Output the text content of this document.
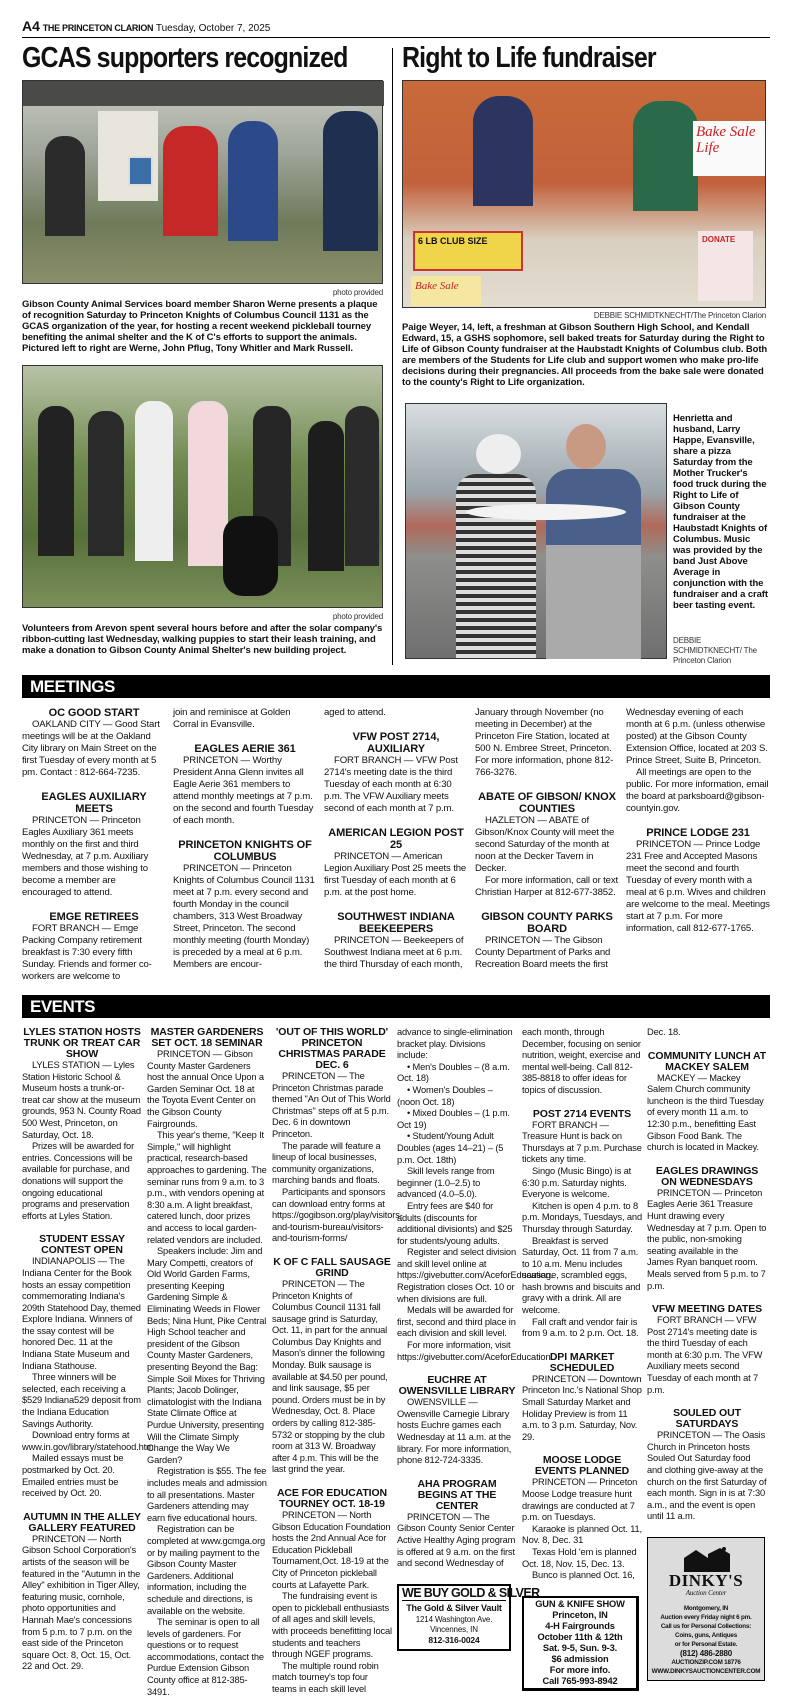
A4 THE PRINCETON CLARION Tuesday, October 7, 2025
GCAS supporters recognized
photo provided
Gibson County Animal Services board member Sharon Werne presents a plaque of recognition Saturday to Princeton Knights of Columbus Council 1131 as the GCAS organization of the year, for hosting a recent weekend pickleball tourney benefiting the animal shelter and the K of C's efforts to support the animals. Pictured left to right are Werne, John Pflug, Tony Whitler and Mark Russell.
photo provided
Volunteers from Arevon spent several hours before and after the solar company's ribbon-cutting last Wednesday, walking puppies to start their leash training, and make a donation to Gibson County Animal Shelter's new building project.
Right to Life fundraiser
6 LB CLUB SIZE
Bake Sale
Bake Sale
Life
DONATE
DEBBIE SCHMIDTKNECHT/The Princeton Clarion
Paige Weyer, 14, left, a freshman at Gibson Southern High School, and Kendall Edward, 15, a GSHS sophomore, sell baked treats for Saturday during the Right to Life of Gibson County fundraiser at the Haubstadt Knights of Columbus club. Both are members of the Students for Life club and support women who make pro-life decisions during their pregnancies. All proceeds from the bake sale were donated to the county's Right to Life organization.
Henrietta and husband, Larry Happe, Evansville, share a pizza Saturday from the Mother Trucker's food truck during the Right to Life of Gibson County fundraiser at the Haubstadt Knights of Columbus. Music was provided by the band Just Above Average in conjunction with the fundraiser and a craft beer tasting event.
DEBBIE SCHMIDTKNECHT/ The Princeton Clarion
MEETINGS
OC GOOD START

OAKLAND CITY — Good Start meetings will be at the Oakland City library on Main Street on the first Tuesday of every month at 5 pm. Contact : 812-664-7235.

EAGLES AUXILIARY MEETS

PRINCETON — Princeton Eagles Auxiliary 361 meets monthly on the first and third Wednesday, at 7 p.m. Auxiliary members and those wishing to become a member are encouraged to attend.

EMGE RETIREES

FORT BRANCH — Emge Packing Company retirement breakfast is 7:30 every fifth Sunday. Friends and former co-workers are welcome to

join and reminisce at Golden Corral in Evansville.

EAGLES AERIE 361

PRINCETON — Worthy President Anna Glenn invites all Eagle Aerie 361 members to attend monthly meetings at 7 p.m. on the second and fourth Tuesday of each month.

PRINCETON KNIGHTS OF COLUMBUS

PRINCETON — Princeton Knights of Columbus Council 1131 meet at 7 p.m. every second and fourth Monday in the council chambers, 313 West Broadway Street, Princeton. The second monthly meeting (fourth Monday) is preceded by a meal at 6 p.m. Members are encour-

aged to attend.

VFW POST 2714, AUXILIARY

FORT BRANCH — VFW Post 2714's meeting date is the third Tuesday of each month at 6:30 p.m. The VFW Auxiliary meets second of each month at 7 p.m.

AMERICAN LEGION POST 25

PRINCETON — American Legion Auxiliary Post 25 meets the first Tuesday of each month at 6 p.m. at the post home.

SOUTHWEST INDIANA BEEKEEPERS

PRINCETON — Beekeepers of Southwest Indiana meet at 6 p.m. the third Thursday of each month,

January through November (no meeting in December) at the Princeton Fire Station, located at 500 N. Embree Street, Princeton. For more information, phone 812-766-3276.

ABATE OF GIBSON/ KNOX COUNTIES

HAZLETON — ABATE of Gibson/Knox County will meet the second Saturday of the month at noon at the Decker Tavern in Decker.

For more information, call or text Christian Harper at 812-677-3852.

GIBSON COUNTY PARKS BOARD

PRINCETON — The Gibson County Department of Parks and Recreation Board meets the first

Wednesday evening of each month at 6 p.m. (unless otherwise posted) at the Gibson County Extension Office, located at 203 S. Prince Street, Suite B, Princeton.

All meetings are open to the public. For more information, email the board at parksboard@gibson-countyin.gov.

PRINCE LODGE 231

PRINCETON — Prince Lodge 231 Free and Accepted Masons meet the second and fourth Tuesday of every month with a meal at 6 p.m. Wives and children are welcome to the meal. Meetings start at 7 p.m. For more information, call 812-677-1765.

EVENTS
LYLES STATION HOSTS TRUNK OR TREAT CAR SHOW

LYLES STATION — Lyles Station Historic School & Museum hosts a trunk-or-treat car show at the museum grounds, 953 N. County Road 500 West, Princeton, on Saturday, Oct. 18.

Prizes will be awarded for entries. Concessions will be available for purchase, and donations will support the ongoing educational programs and preservation efforts at Lyles Station.

STUDENT ESSAY CONTEST OPEN

INDIANAPOLIS — The Indiana Center for the Book hosts an essay competition commemorating Indiana's 209th Statehood Day, themed Explore Indiana. Winners of the ssay contest will be honored Dec. 11 at the Indiana State Museum and Indiana Stathouse.

Three winners will be selected, each receiving a $529 Indiana529 deposit from the Indiana Education Savings Authority.

Download entry forms at www.in.gov/library/statehood.htm

Mailed essays must be postmarked by Oct. 20. Emailed entries must be received by Oct. 20.

AUTUMN IN THE ALLEY GALLERY FEATURED

PRINCETON — North Gibson School Corporation's artists of the season will be featured in the "Autumn in the Alley" exhibition in Tiger Alley, featuring music, cornhole, photo opportunities and Hannah Mae's concessions from 5 p.m. to 7 p.m. on the east side of the Princeton square Oct. 8, Oct. 15, Oct. 22 and Oct. 29.

MASTER GARDENERS SET OCT. 18 SEMINAR

PRINCETON — Gibson County Master Gardeners host the annual Once Upon a Garden Seminar Oct. 18 at the Toyota Event Center on the Gibson County Fairgrounds.

This year's theme, "Keep It Simple," will highlight practical, research-based approaches to gardening. The seminar runs from 9 a.m. to 3 p.m., with vendors opening at 8:30 a.m. A light breakfast, catered lunch, door prizes and access to local garden-related vendors are included.

Speakers include: Jim and Mary Competti, creators of Old World Garden Farms, presenting Keeping Gardening Simple & Eliminating Weeds in Flower Beds; Nina Hunt, Pike Central High School teacher and president of the Gibson County Master Gardeners, presenting Beyond the Bag: Simple Soil Mixes for Thriving Plants; Jacob Dolinger, climatologist with the Indiana State Climate Office at Purdue University, presenting Will the Climate Simply Change the Way We Garden?

Registration is $55. The fee includes meals and admission to all presentations. Master Gardeners attending may earn five educational hours.

Registration can be completed at www.gcmga.org or by mailing payment to the Gibson County Master Gardeners. Additional information, including the schedule and directions, is available on the website.

The seminar is open to all levels of gardeners. For questions or to request accommodations, contact the Purdue Extension Gibson County office at 812-385-3491.

'OUT OF THIS WORLD' PRINCETON CHRISTMAS PARADE DEC. 6

PRINCETON — The Princeton Christmas parade themed "An Out of This World Christmas" steps off at 5 p.m. Dec. 6 in downtown Princeton.

The parade will feature a lineup of local businesses, community organizations, marching bands and floats.

Participants and sponsors can download entry forms at https://gogibson.org/play/visitors-and-tourism-bureau/visitors-and-tourism-forms/

K OF C FALL SAUSAGE GRIND

PRINCETON — The Princeton Knights of Columbus Council 1131 fall sausage grind is Saturday, Oct. 11, in part for the annual Columbus Day Knights and Mason's dinner the following Monday. Bulk sausage is available at $4.50 per pound, and link sausage, $5 per pound. Orders must be in by Wednesday, Oct. 8. Place orders by calling 812-385-5732 or stopping by the club room at 313 W. Broadway after 4 p.m. This will be the last grind the year.

ACE FOR EDUCATION TOURNEY OCT. 18-19

PRINCETON — North Gibson Education Foundation hosts the 2nd Annual Ace for Education Pickleball Tournament,Oct. 18-19 at the City of Princeton pickleball courts at Lafayette Park.

The fundraising event is open to pickleball enthusiasts of all ages and skill levels, with proceeds benefitting local students and teachers through NGEF programs.

The multiple round robin match tourney's top four teams in each skill level

advance to single-elimination bracket play. Divisions include:

• Men's Doubles – (8 a.m. Oct. 18)

• Women's Doubles – (noon Oct. 18)

• Mixed Doubles – (1 p.m. Oct 19)

• Student/Young Adult Doubles (ages 14–21) – (5 p.m. Oct. 18th)

Skill levels range from beginner (1.0–2.5) to advanced (4.0–5.0).

Entry fees are $40 for adults (discounts for additional divisionts) and $25 for students/young adults.

Register and select division and skill level online at https://givebutter.com/AceforEducation. Registration closes Oct. 10 or when divisions are full.

Medals will be awarded for first, second and third place in each division and skill level.

For more information, visit https://givebutter.com/AceforEducation.

EUCHRE AT OWENSVILLE LIBRARY

OWENSVILLE — Owensville Carnegie Library hosts Euchre games each Wednesday at 11 a.m. at the library. For more information, phone 812-724-3335.

AHA PROGRAM BEGINS AT THE CENTER

PRINCETON — The Gibson County Senior Center Active Healthy Aging program is offered at 9 a.m. on the first and second Wednesday of

WE BUY GOLD & SILVER
The Gold & Silver Vault
1214 Washington Ave.
Vincennes, IN
812-316-0024

each month, through December, focusing on senior nutrition, weight, exercise and mental well-being. Call 812-385-8818 to offer ideas for topics of discussion.

POST 2714 EVENTS

FORT BRANCH — Treasure Hunt is back on Thursdays at 7 p.m. Purchase tickets any time.

Singo (Music Bingo) is at 6:30 p.m. Saturday nights. Everyone is welcome.

Kitchen is open 4 p.m. to 8 p.m. Mondays, Tuesdays, and Thursday through Saturday.

Breakfast is served Saturday, Oct. 11 from 7 a.m. to 10 a.m. Menu includes sausage, scrambled eggs, hash browns and biscuits and gravy with a drink. All are welcome.

Fall craft and vendor fair is from 9 a.m. to 2 p.m. Oct. 18.

DPI MARKET SCHEDULED

PRINCETON — Downtown Princeton Inc.'s National Shop Small Saturday Market and Holiday Preview is from 11 a.m. to 3 p.m. Saturday, Nov. 29.

MOOSE LODGE EVENTS PLANNED

PRINCETON — Princeton Moose Lodge treasure hunt drawings are conducted at 7 p.m. on Tuesdays.

Karaoke is planned Oct. 11, Nov. 8, Dec. 31

Texas Hold 'em is planned Oct. 18, Nov. 15, Dec. 13.

Bunco is planned Oct. 16,

GUN & KNIFE SHOW
Princeton, IN
4-H Fairgrounds
October 11th & 12th
Sat. 9-5, Sun. 9-3.
$6 admission
For more info.
Call 765-993-8942

Dec. 18.

COMMUNITY LUNCH AT MACKEY SALEM

MACKEY — Mackey Salem Church community luncheon is the third Tuesday of every month 11 a.m. to 12:30 p.m., benefitting East Gibson Food Bank. The church is located in Mackey.

EAGLES DRAWINGS ON WEDNESDAYS

PRINCETON — Princeton Eagles Aerie 361 Treasure Hunt drawing every Wednesday at 7 p.m. Open to the public, non-smoking seating available in the James Ryan banquet room. Meals served from 5 p.m. to 7 p.m.

VFW MEETING DATES

FORT BRANCH — VFW Post 2714's meeting date is the third Tuesday of each month at 6:30 p.m. The VFW Auxiliary meets second Tuesday of each month at 7 p.m.

SOULED OUT SATURDAYS

PRINCETON — The Oasis Church in Princeton hosts Souled Out Saturday food and clothing give-away at the church on the first Saturday of each month. Sign in is at 7:30 a.m., and the event is open until 11 a.m.

DINKY'S
Auction Center
Montgomery, IN
Auction every Friday night 6 pm.
Call us for Personal Collections:
Coins, guns, Antiques
or for Personal Estate.
(812) 486-2880
AUCTIONZIP.COM 18776
WWW.DINKYSAUCTIONCENTER.COM
